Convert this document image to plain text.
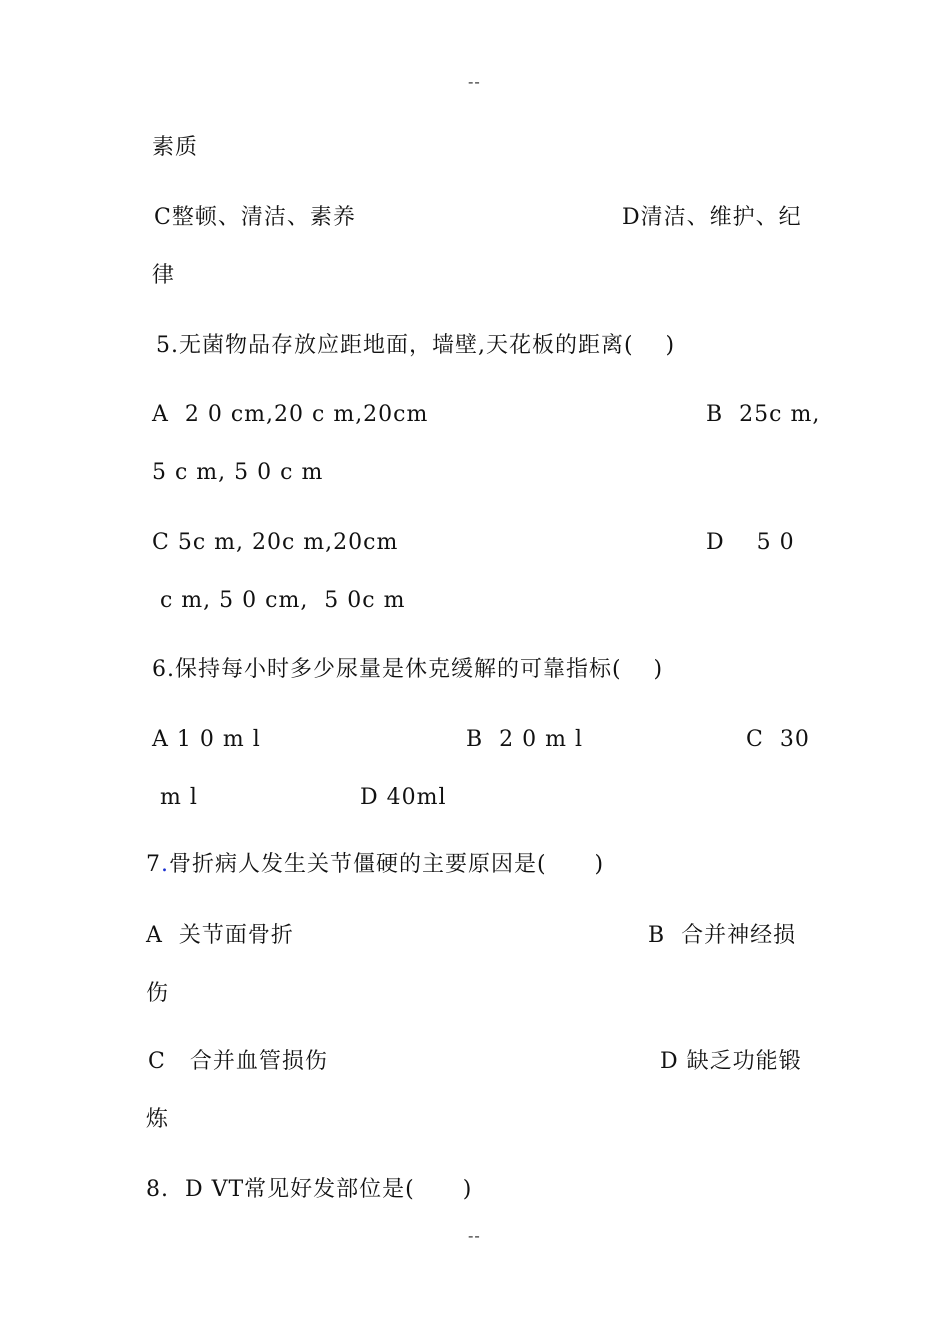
--
素质
C整顿、清洁、素养	D清洁、维护、纪
律
5.无菌物品存放应距地面，墙壁,天花板的距离(    )
A  2 0 cm,20 c m,20cm	B  25c m,
5 c m, 5 0 c m
C 5c m, 20c m,20cm	D    5 0
c m, 5 0 cm,  5 0c m
6.保持每小时多少尿量是休克缓解的可靠指标(    )
A 1 0 m l	B  2 0 m l	C  30
m l	D 40ml
7.骨折病人发生关节僵硬的主要原因是(      )
A  关节面骨折	B  合并神经损
伤
C   合并血管损伤	D 缺乏功能锻
炼
8.  D VT常见好发部位是(      )
--
